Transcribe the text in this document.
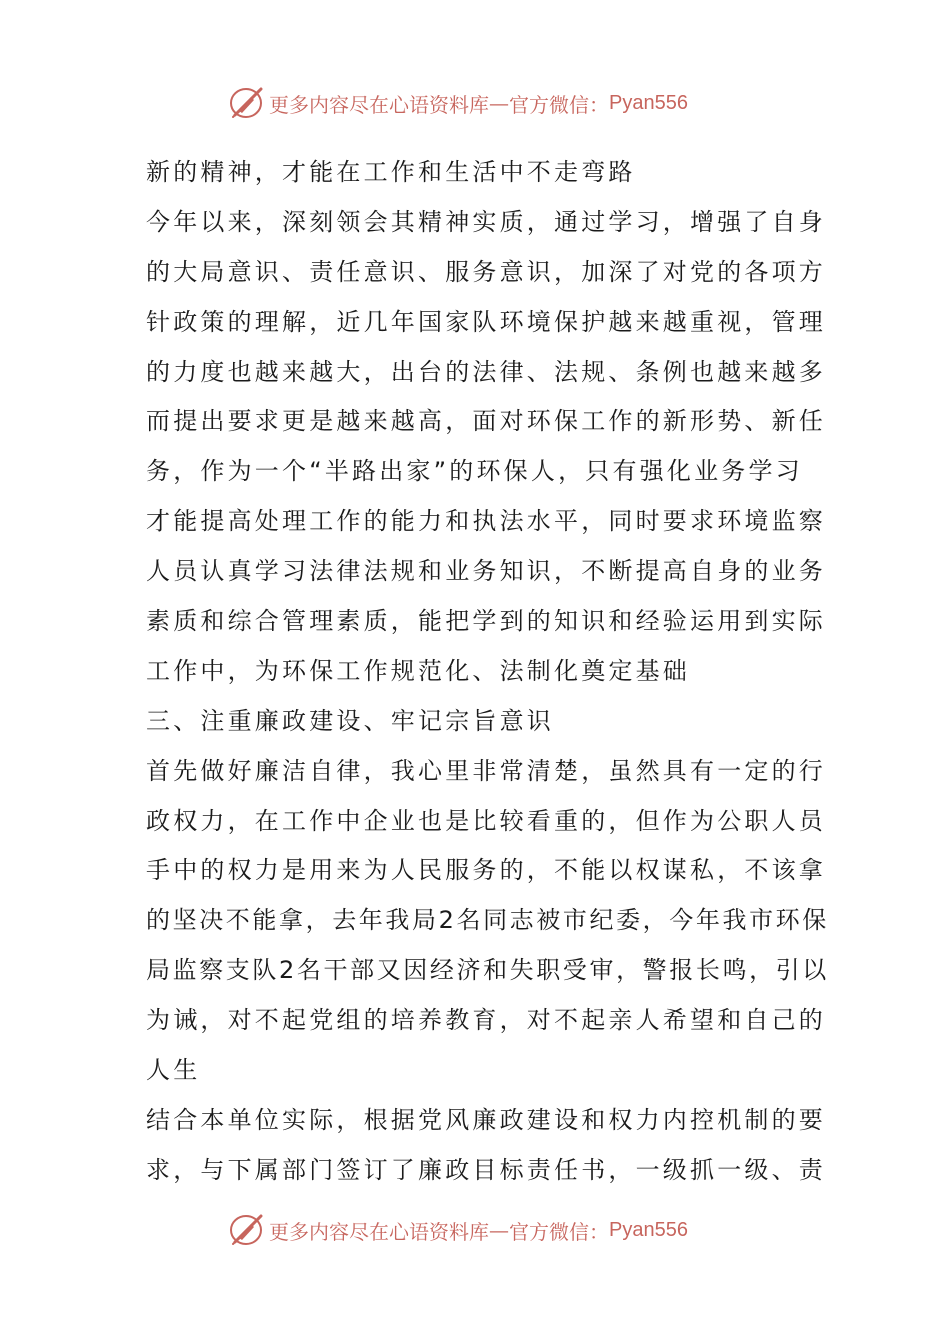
更多内容尽在心语资料库 — 官方微信： Pyan556
新的精神，才能在工作和生活中不走弯路
今年以来，深刻领会其精神实质，通过学习，增强了自身
的大局意识、责任意识、服务意识，加深了对党的各项方
针政策的理解，近几年国家队环境保护越来越重视，管理
的力度也越来越大，出台的法律、法规、条例也越来越多
而提出要求更是越来越高，面对环保工作的新形势、新任
务，作为一个“半路出家”的环保人，只有强化业务学习
才能提高处理工作的能力和执法水平，同时要求环境监察
人员认真学习法律法规和业务知识，不断提高自身的业务
素质和综合管理素质，能把学到的知识和经验运用到实际
工作中，为环保工作规范化、法制化奠定基础
三、注重廉政建设、牢记宗旨意识
首先做好廉洁自律，我心里非常清楚，虽然具有一定的行
政权力，在工作中企业也是比较看重的，但作为公职人员
手中的权力是用来为人民服务的，不能以权谋私，不该拿
的坚决不能拿，去年我局2名同志被市纪委，今年我市环保
局监察支队2名干部又因经济和失职受审，警报长鸣，引以
为诫，对不起党组的培养教育，对不起亲人希望和自己的
人生
结合本单位实际，根据党风廉政建设和权力内控机制的要
求，与下属部门签订了廉政目标责任书，一级抓一级、责
更多内容尽在心语资料库 — 官方微信： Pyan556
